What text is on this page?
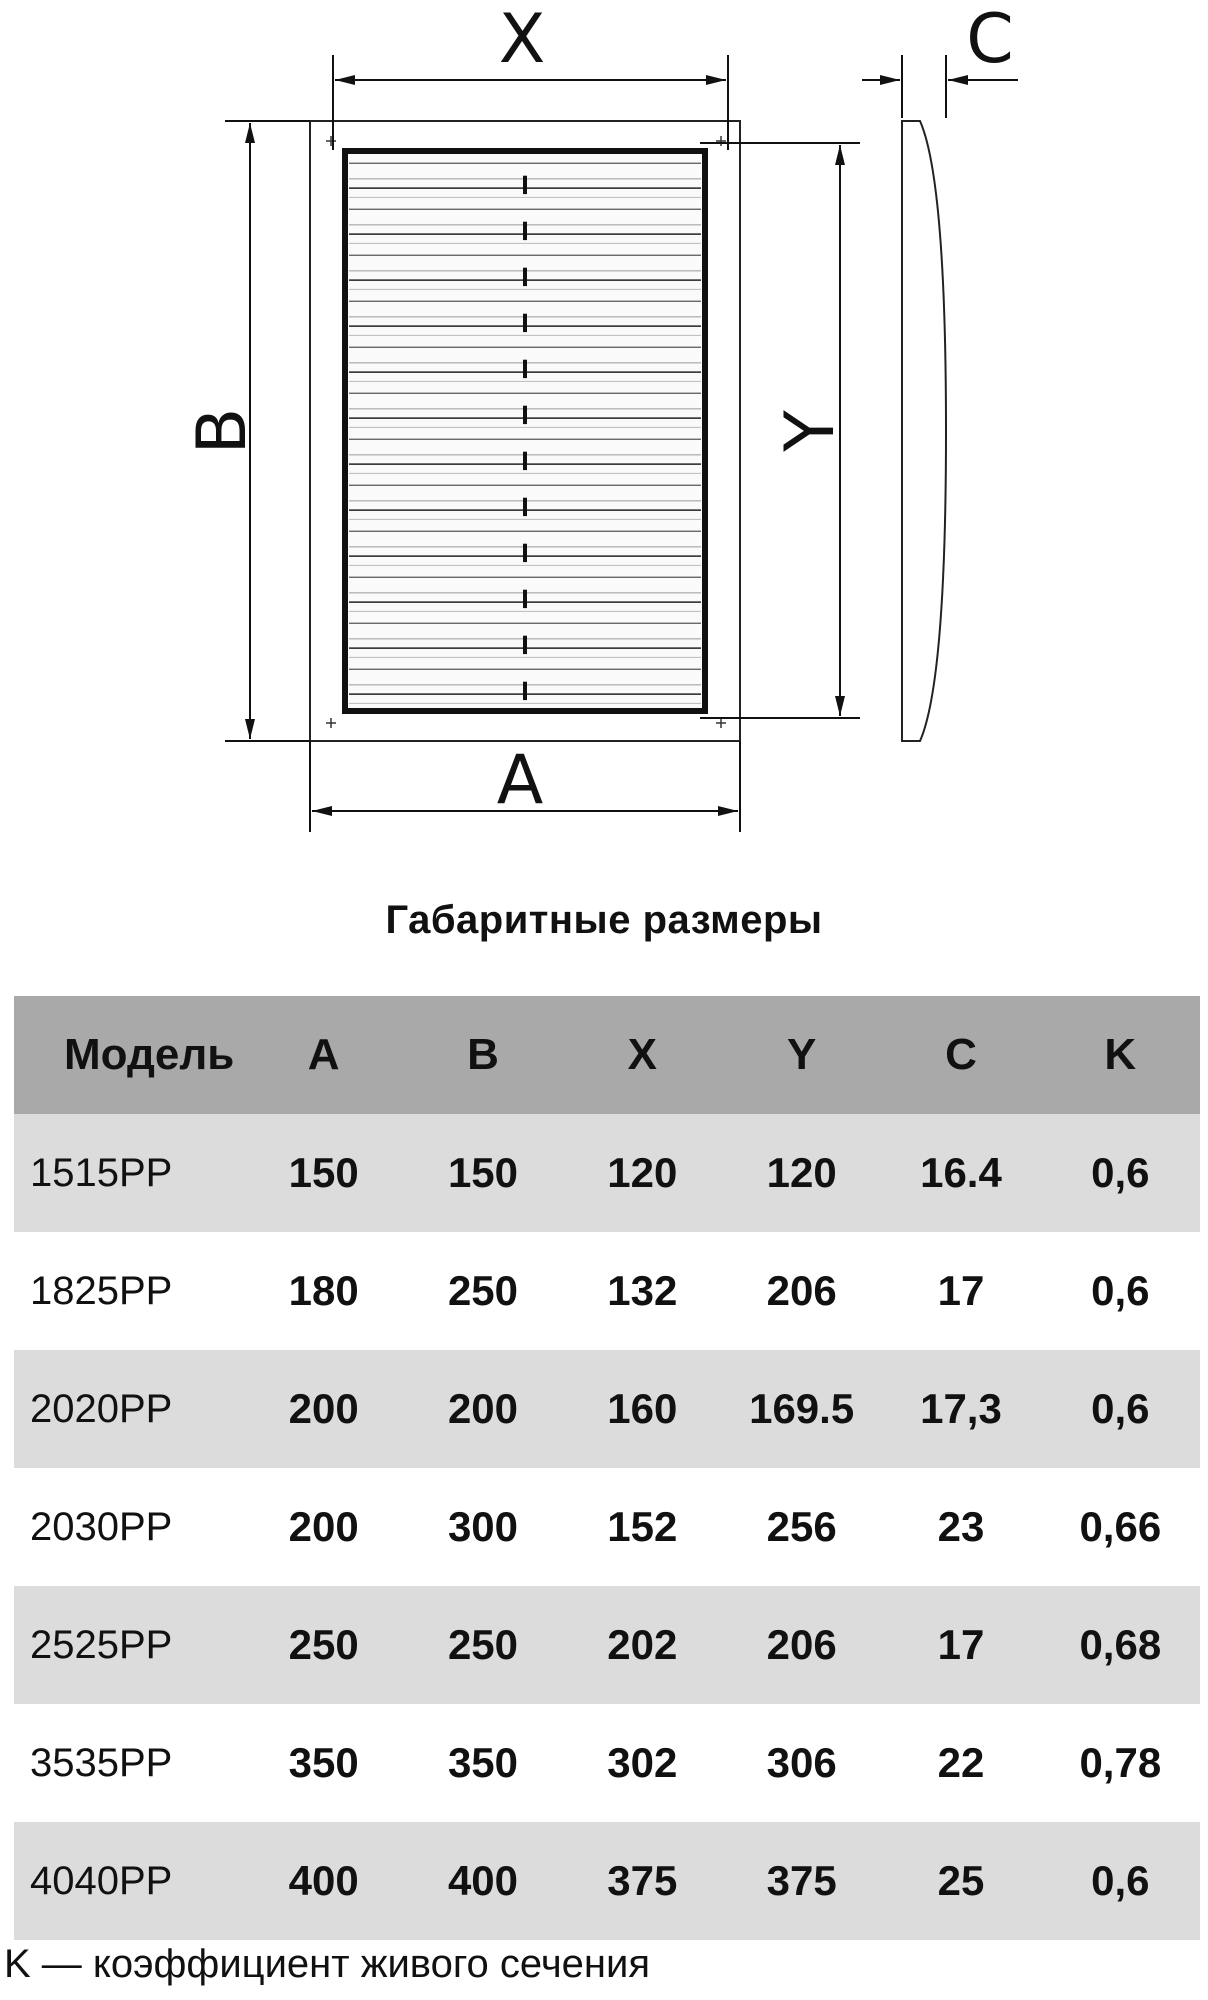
X
B	Y
A
C
Габаритные размеры
Модель	A	B	X	Y	C	K
1515PP	150	150	120	120	16.4	0,6
1825PP	180	250	132	206	17	0,6
2020PP	200	200	160	169.5	17,3	0,6
2030PP	200	300	152	256	23	0,66
2525PP	250	250	202	206	17	0,68
3535PP	350	350	302	306	22	0,78
4040PP	400	400	375	375	25	0,6
K — коэффициент живого сечения
